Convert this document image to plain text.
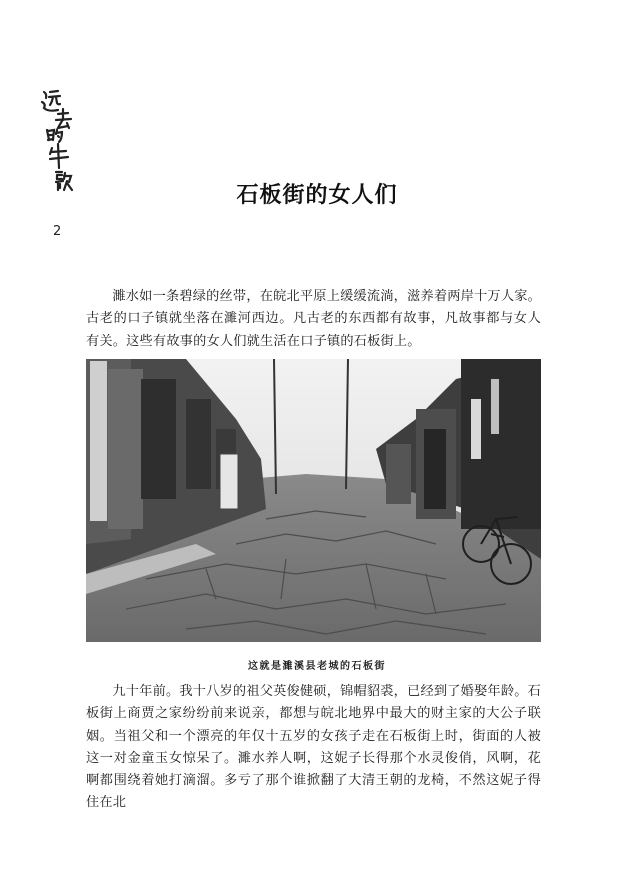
2
石板街的女人们

濉水如一条碧绿的丝带，在皖北平原上缓缓流淌，滋养着两岸十万人家。古老的口子镇就坐落在濉河西边。凡古老的东西都有故事，凡故事都与女人有关。这些有故事的女人们就生活在口子镇的石板街上。

这就是濉溪县老城的石板街

九十年前。我十八岁的祖父英俊健硕，锦帽貂裘，已经到了婚娶年龄。石板街上商贾之家纷纷前来说亲，都想与皖北地界中最大的财主家的大公子联姻。当祖父和一个漂亮的年仅十五岁的女孩子走在石板街上时，街面的人被这一对金童玉女惊呆了。濉水养人啊，这妮子长得那个水灵俊俏，风啊，花啊都围绕着她打滴溜。多亏了那个谁掀翻了大清王朝的龙椅，不然这妮子得住在北
